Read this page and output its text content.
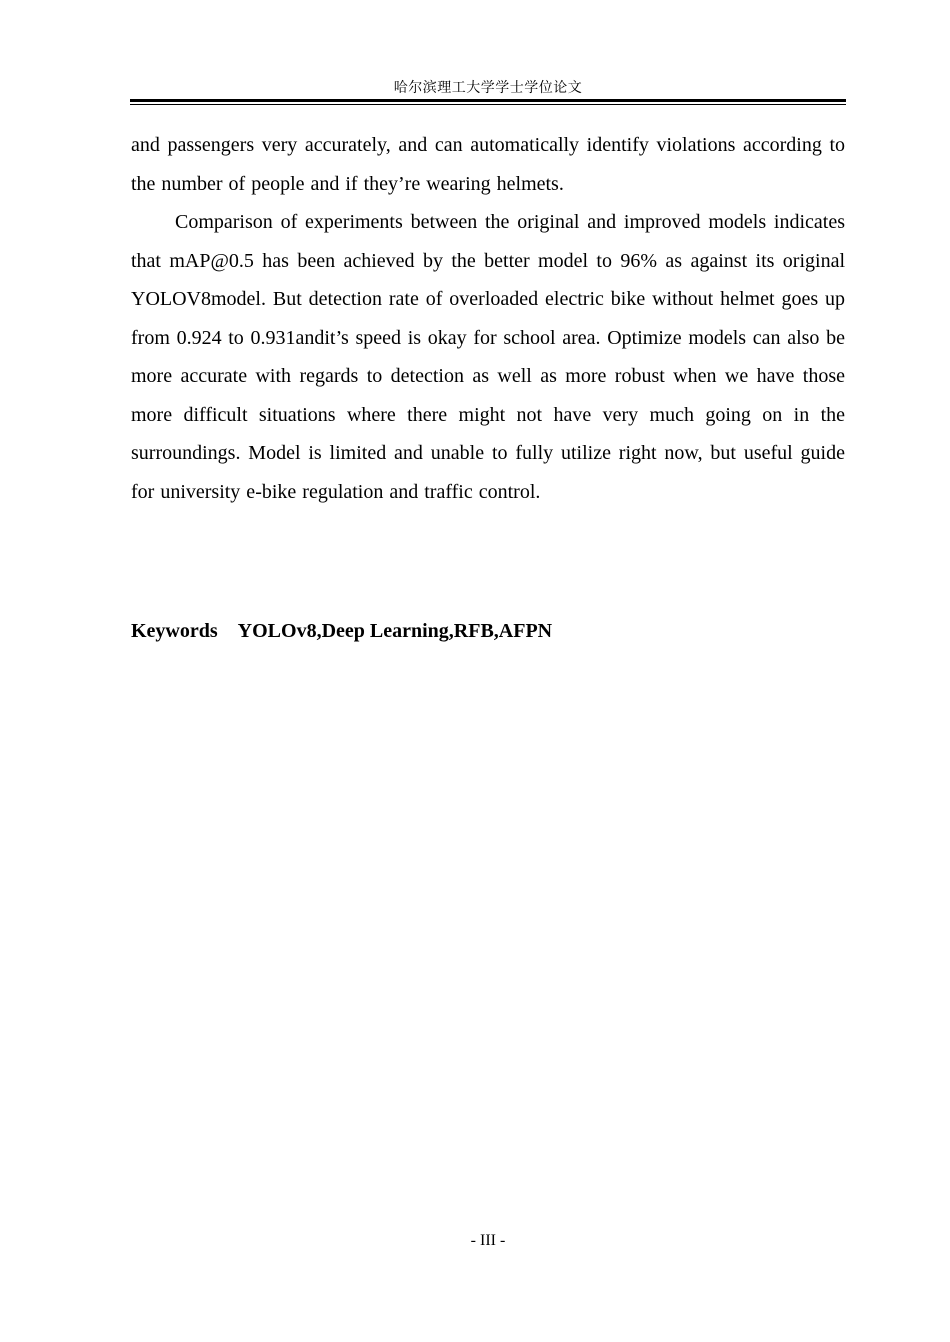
哈尔滨理工大学学士学位论文

and passengers very accurately, and can automatically identify violations according to the number of people and if they’re wearing helmets.

Comparison of experiments between the original and improved models indicates that mAP@0.5 has been achieved by the better model to 96% as against its original YOLOV8model. But detection rate of overloaded electric bike without helmet goes up from 0.924 to 0.931andit’s speed is okay for school area. Optimize models can also be more accurate with regards to detection as well as more robust when we have those more difficult situations where there might not have very much going on in the surroundings. Model is limited and unable to fully utilize right now, but useful guide for university e-bike regulation and traffic control.

Keywords YOLOv8,Deep Learning,RFB,AFPN
- III -
